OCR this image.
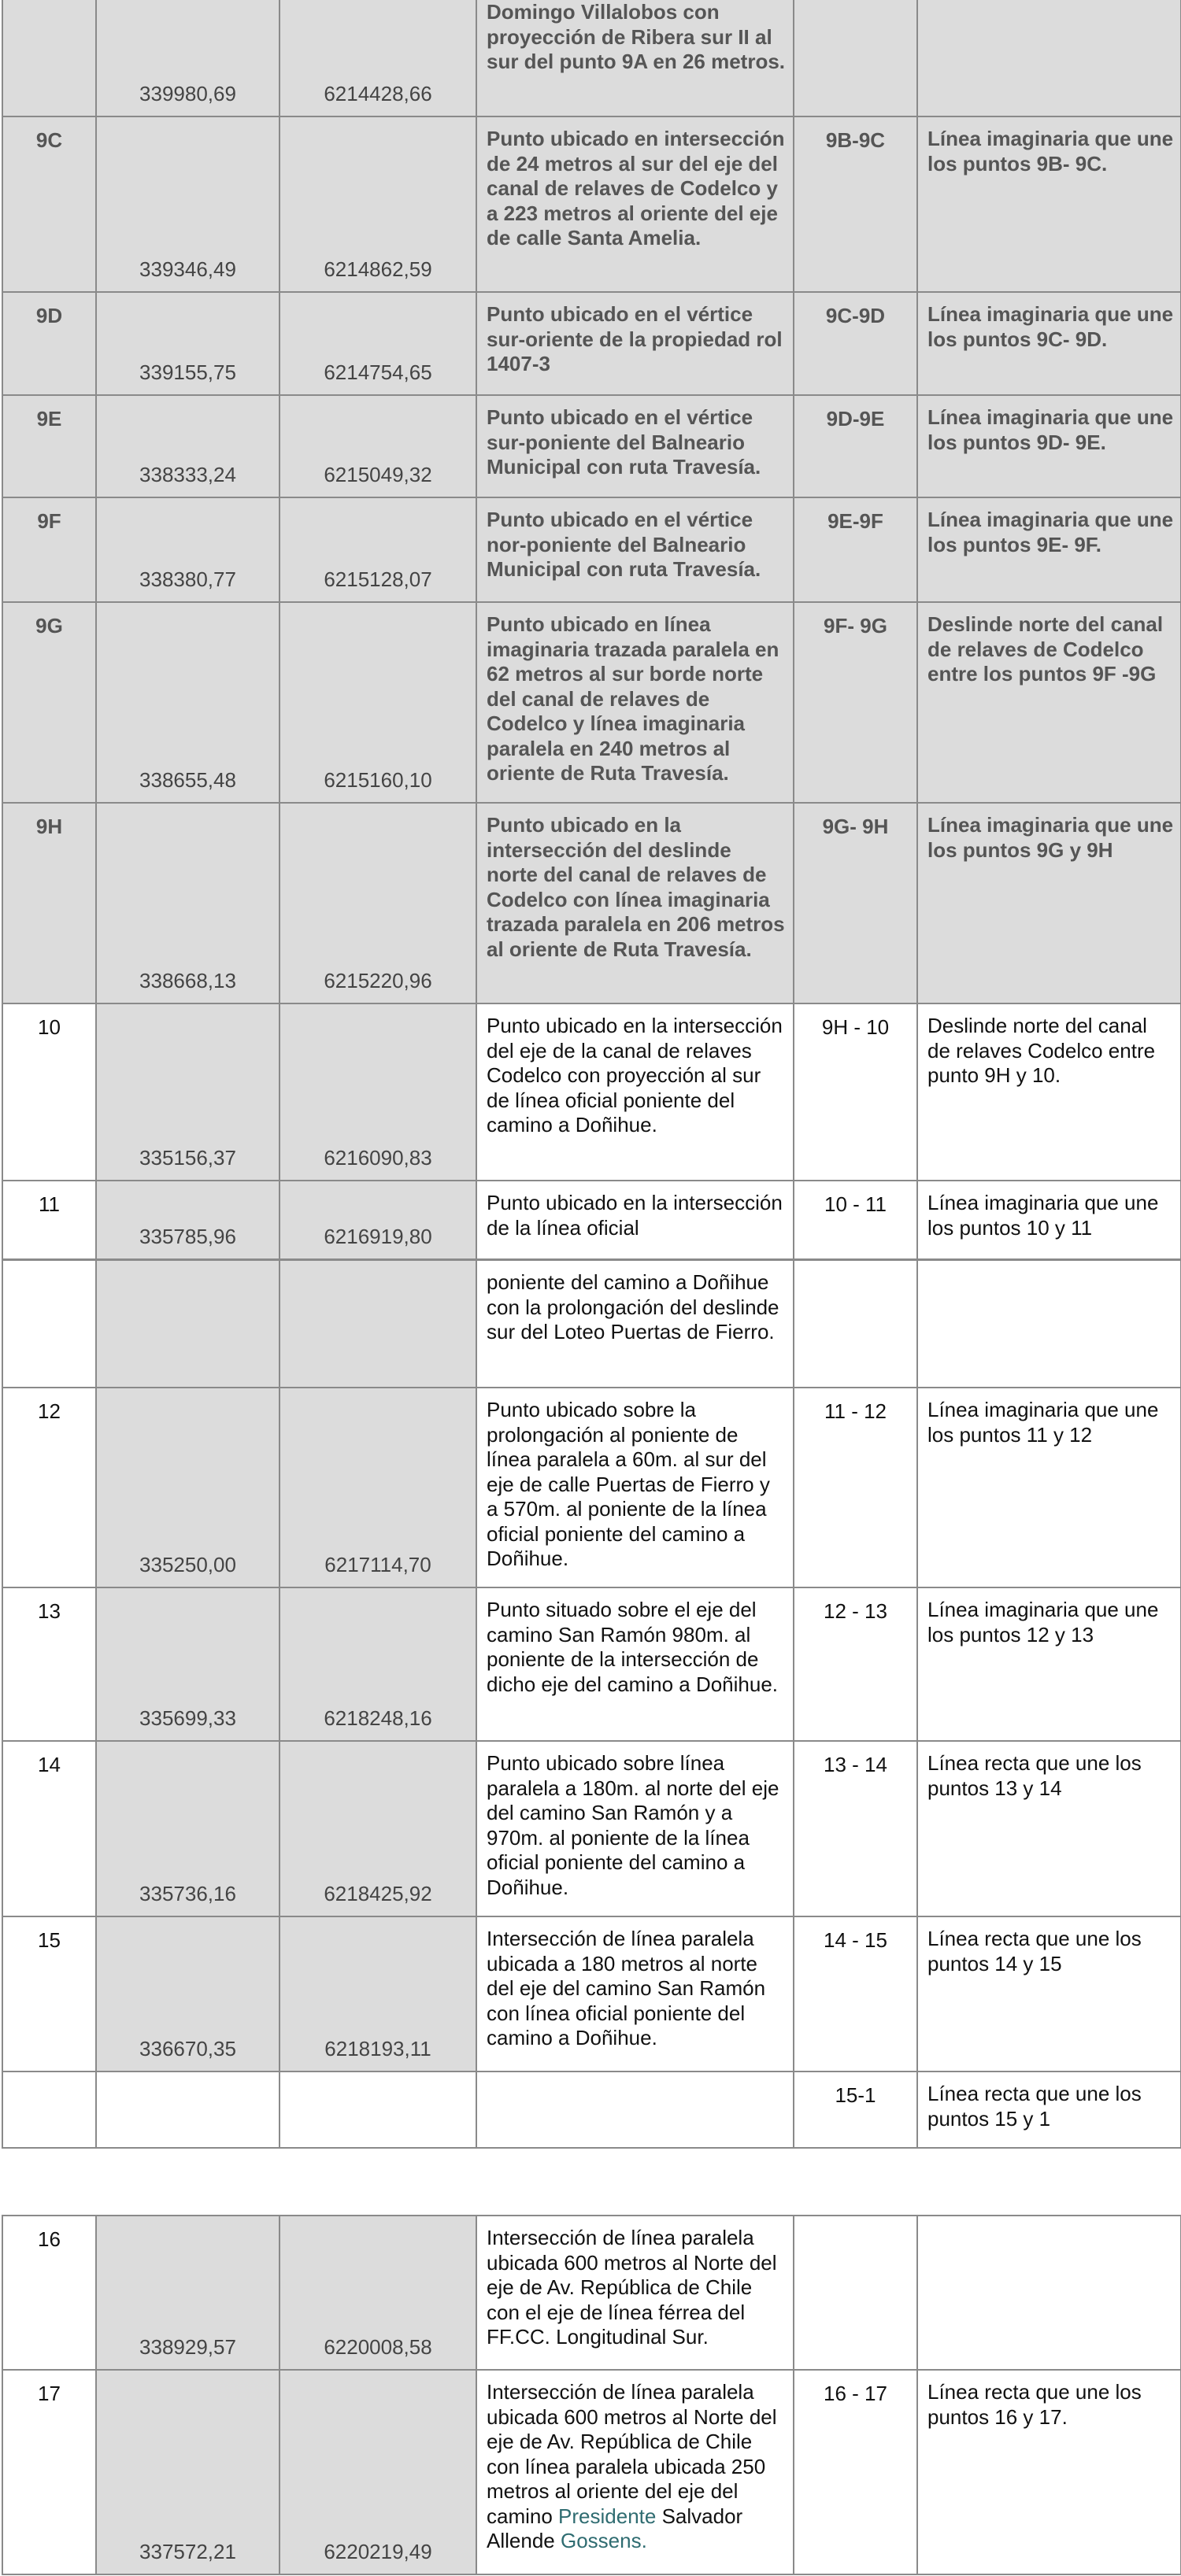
	339980,69	6214428,66	Domingo Villalobos con proyección de Ribera sur II al sur del punto 9A en 26 metros.		
9C	339346,49	6214862,59	Punto ubicado en intersección de 24 metros al sur del eje del canal de relaves de Codelco y a 223 metros al oriente del eje de calle Santa Amelia.	9B-9C	Línea imaginaria que une los puntos 9B- 9C.
9D	339155,75	6214754,65	Punto ubicado en el vértice sur-oriente de la propiedad rol 1407-3	9C-9D	Línea imaginaria que une los puntos 9C- 9D.
9E	338333,24	6215049,32	Punto ubicado en el vértice sur-poniente del Balneario Municipal con ruta Travesía.	9D-9E	Línea imaginaria que une los puntos 9D- 9E.
9F	338380,77	6215128,07	Punto ubicado en el vértice nor-poniente del Balneario Municipal con ruta Travesía.	9E-9F	Línea imaginaria que une los puntos 9E- 9F.
9G	338655,48	6215160,10	Punto ubicado en línea imaginaria trazada paralela en 62 metros al sur borde norte del canal de relaves de Codelco y línea imaginaria paralela en 240 metros al oriente de Ruta Travesía.	9F- 9G	Deslinde norte del canal de relaves de Codelco entre los puntos 9F -9G
9H	338668,13	6215220,96	Punto ubicado en la intersección del deslinde norte del canal de relaves de Codelco con línea imaginaria trazada paralela en 206 metros al oriente de Ruta Travesía.	9G- 9H	Línea imaginaria que une los puntos 9G y 9H
10	335156,37	6216090,83	Punto ubicado en la intersección del eje de la canal de relaves Codelco con proyección al sur de línea oficial poniente del camino a Doñihue.	9H - 10	Deslinde norte del canal de relaves Codelco entre punto 9H y 10.
11	335785,96	6216919,80	Punto ubicado en la intersección de la línea oficial	10 - 11	Línea imaginaria que une los puntos 10 y 11
			poniente del camino a Doñihue con la prolongación del deslinde sur del Loteo Puertas de Fierro.		
12	335250,00	6217114,70	Punto ubicado sobre la prolongación al poniente de línea paralela a 60m. al sur del eje de calle Puertas de Fierro y a 570m. al poniente de la línea oficial poniente del camino a Doñihue.	11 - 12	Línea imaginaria que une los puntos 11 y 12
13	335699,33	6218248,16	Punto situado sobre el eje del camino San Ramón 980m. al poniente de la intersección de dicho eje del camino a Doñihue.	12 - 13	Línea imaginaria que une los puntos 12 y 13
14	335736,16	6218425,92	Punto ubicado sobre línea paralela a 180m. al norte del eje del camino San Ramón y a 970m. al poniente de la línea oficial poniente del camino a Doñihue.	13 - 14	Línea recta que une los puntos 13 y 14
15	336670,35	6218193,11	Intersección de línea paralela ubicada a 180 metros al norte del eje del camino San Ramón con línea oficial poniente del camino a Doñihue.	14 - 15	Línea recta que une los puntos 14 y 15
				15-1	Línea recta que une los puntos 15 y 1
16	338929,57	6220008,58	Intersección de línea paralela ubicada 600 metros al Norte del eje de Av. República de Chile con el eje de línea férrea del FF.CC. Longitudinal Sur.		
17	337572,21	6220219,49	Intersección de línea paralela ubicada 600 metros al Norte del eje de Av. República de Chile con línea paralela ubicada 250 metros al oriente del eje del camino Presidente Salvador Allende Gossens.	16 - 17	Línea recta que une los puntos 16 y 17.
